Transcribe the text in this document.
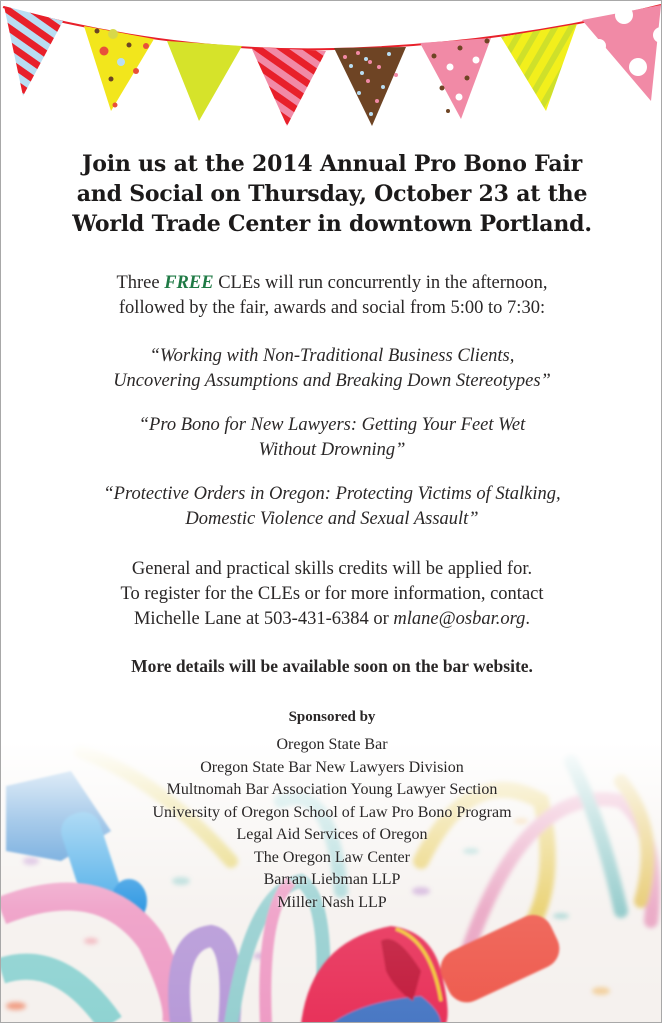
Join us at the 2014 Annual Pro Bono Fair
and Social on Thursday, October 23 at the
World Trade Center in downtown Portland.
Three FREE CLEs will run concurrently in the afternoon,
followed by the fair, awards and social from 5:00 to 7:30:
“Working with Non-Traditional Business Clients,
Uncovering Assumptions and Breaking Down Stereotypes”
“Pro Bono for New Lawyers: Getting Your Feet Wet
Without Drowning”
“Protective Orders in Oregon: Protecting Victims of Stalking,
Domestic Violence and Sexual Assault”
General and practical skills credits will be applied for.
To register for the CLEs or for more information, contact
Michelle Lane at 503-431-6384 or mlane@osbar.org.
More details will be available soon on the bar website.
Sponsored by
Oregon State Bar
Oregon State Bar New Lawyers Division
Multnomah Bar Association Young Lawyer Section
University of Oregon School of Law Pro Bono Program
Legal Aid Services of Oregon
The Oregon Law Center
Barran Liebman LLP
Miller Nash LLP
